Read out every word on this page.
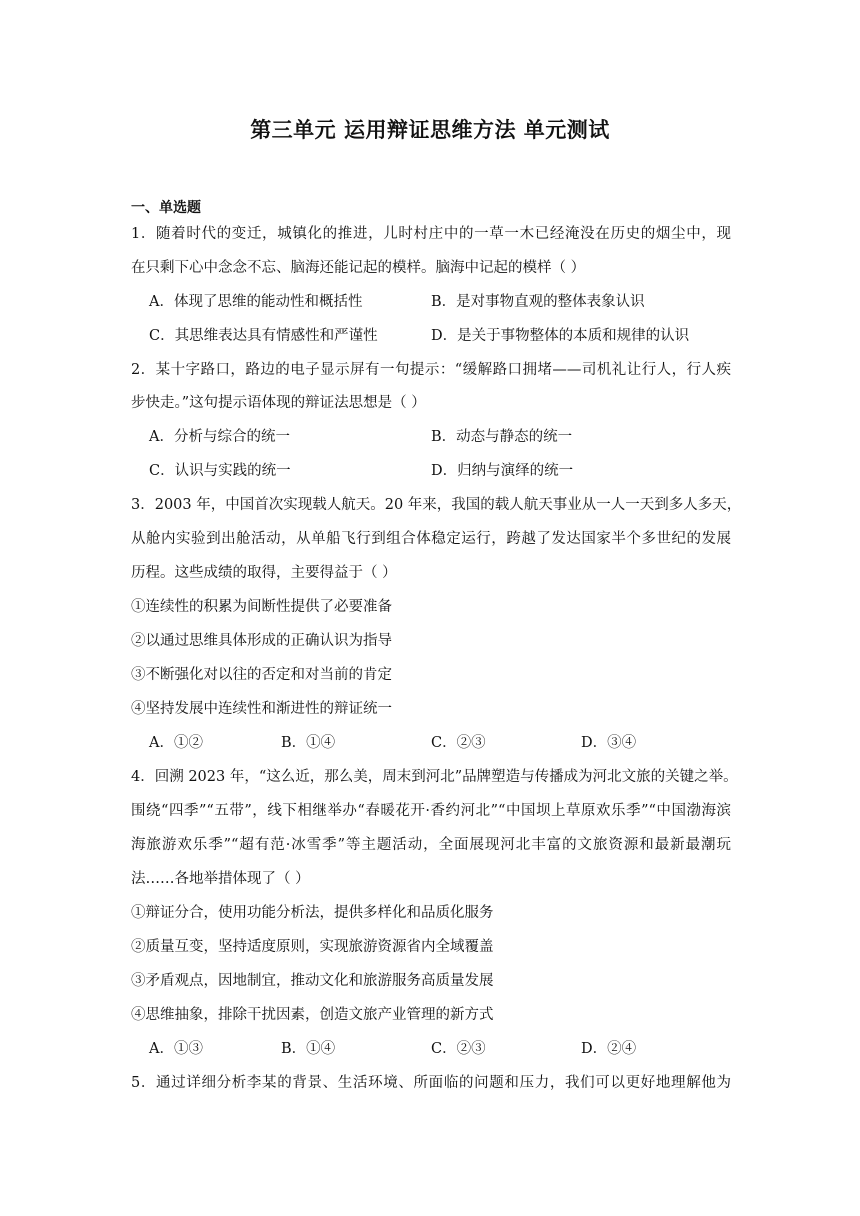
第三单元 运用辩证思维方法 单元测试
一、单选题
1．随着时代的变迁，城镇化的推进，儿时村庄中的一草一木已经淹没在历史的烟尘中，现
在只剩下心中念念不忘、脑海还能记起的模样。脑海中记起的模样（ ）
A．体现了思维的能动性和概括性	B．是对事物直观的整体表象认识
C．其思维表达具有情感性和严谨性	D．是关于事物整体的本质和规律的认识
2．某十字路口，路边的电子显示屏有一句提示：“缓解路口拥堵——司机礼让行人，行人疾
步快走。”这句提示语体现的辩证法思想是（ ）
A．分析与综合的统一	B．动态与静态的统一
C．认识与实践的统一	D．归纳与演绎的统一
3．2003 年，中国首次实现载人航天。20 年来，我国的载人航天事业从一人一天到多人多天，
从舱内实验到出舱活动，从单船飞行到组合体稳定运行，跨越了发达国家半个多世纪的发展
历程。这些成绩的取得，主要得益于（ ）
①连续性的积累为间断性提供了必要准备
②以通过思维具体形成的正确认识为指导
③不断强化对以往的否定和对当前的肯定
④坚持发展中连续性和渐进性的辩证统一
A．①②	B．①④	C．②③	D．③④
4．回溯 2023 年，“这么近，那么美，周末到河北”品牌塑造与传播成为河北文旅的关键之举。
围绕“四季”“五带”，线下相继举办“春暖花开·香约河北”“中国坝上草原欢乐季”“中国渤海滨
海旅游欢乐季”“超有范·冰雪季”等主题活动，全面展现河北丰富的文旅资源和最新最潮玩
法……各地举措体现了（ ）
①辩证分合，使用功能分析法，提供多样化和品质化服务
②质量互变，坚持适度原则，实现旅游资源省内全域覆盖
③矛盾观点，因地制宜，推动文化和旅游服务高质量发展
④思维抽象，排除干扰因素，创造文旅产业管理的新方式
A．①③	B．①④	C．②③	D．②④
5．通过详细分析李某的背景、生活环境、所面临的问题和压力，我们可以更好地理解他为
